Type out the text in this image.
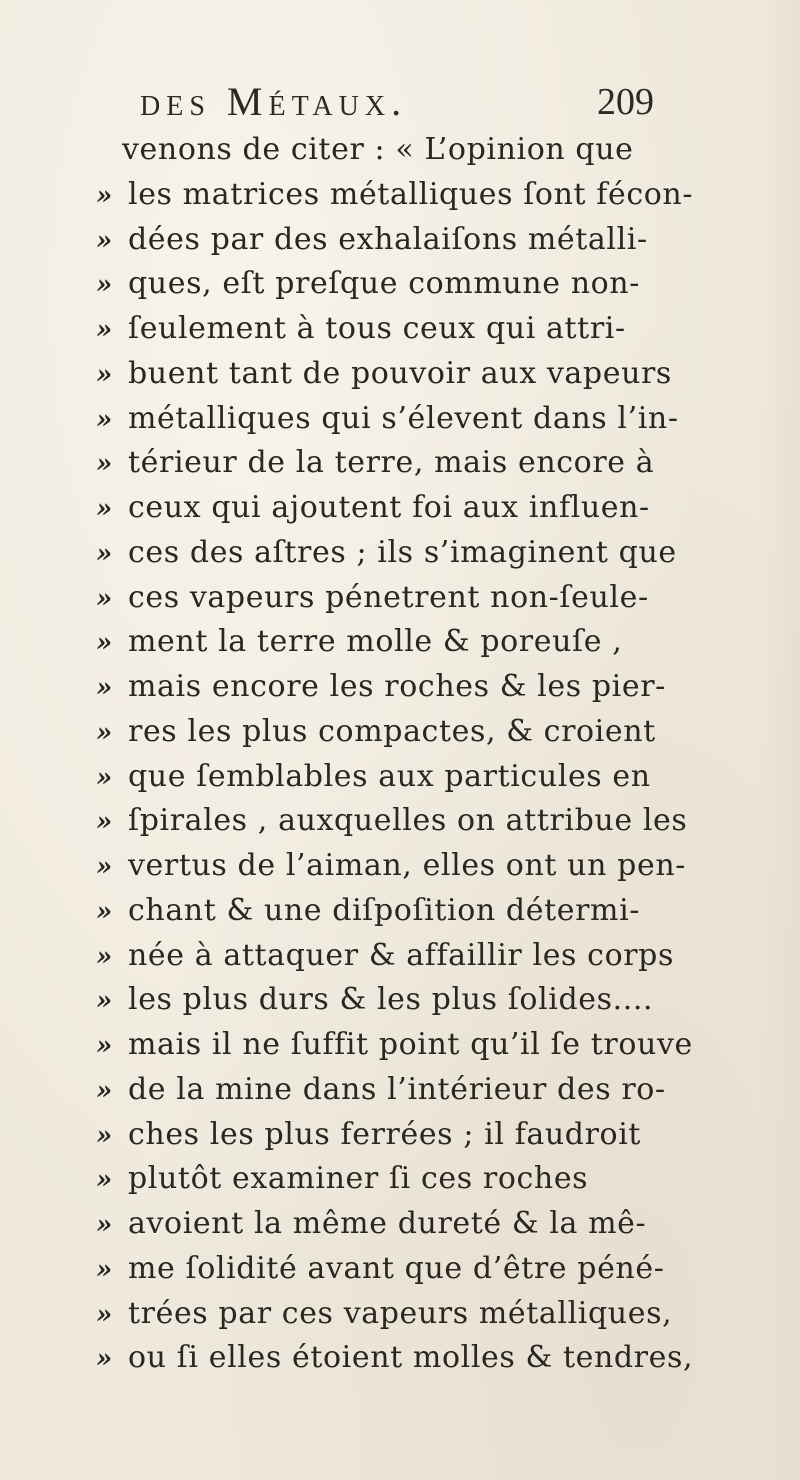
des Métaux.	209
venons de citer : « L’opinion que
» les matrices métalliques ſont fécon-
» dées par des exhalaiſons métalli-
» ques, eſt preſque commune non-
» ſeulement à tous ceux qui attri-
» buent tant de pouvoir aux vapeurs
» métalliques qui s’élevent dans l’in-
» térieur de la terre, mais encore à
» ceux qui ajoutent foi aux influen-
» ces des aſtres ; ils s’imaginent que
» ces vapeurs pénetrent non-ſeule-
» ment la terre molle & poreuſe ,
» mais encore les roches & les pier-
» res les plus compactes, & croient
» que ſemblables aux particules en
» ſpirales , auxquelles on attribue les
» vertus de l’aiman, elles ont un pen-
» chant & une diſpoſition détermi-
» née à attaquer & affaillir les corps
» les plus durs & les plus ſolides....
» mais il ne ſuffit point qu’il ſe trouve
» de la mine dans l’intérieur des ro-
» ches les plus ferrées ; il faudroit
» plutôt examiner ſi ces roches
» avoient la même dureté & la mê-
» me ſolidité avant que d’être péné-
» trées par ces vapeurs métalliques,
» ou ſi elles étoient molles & tendres,
